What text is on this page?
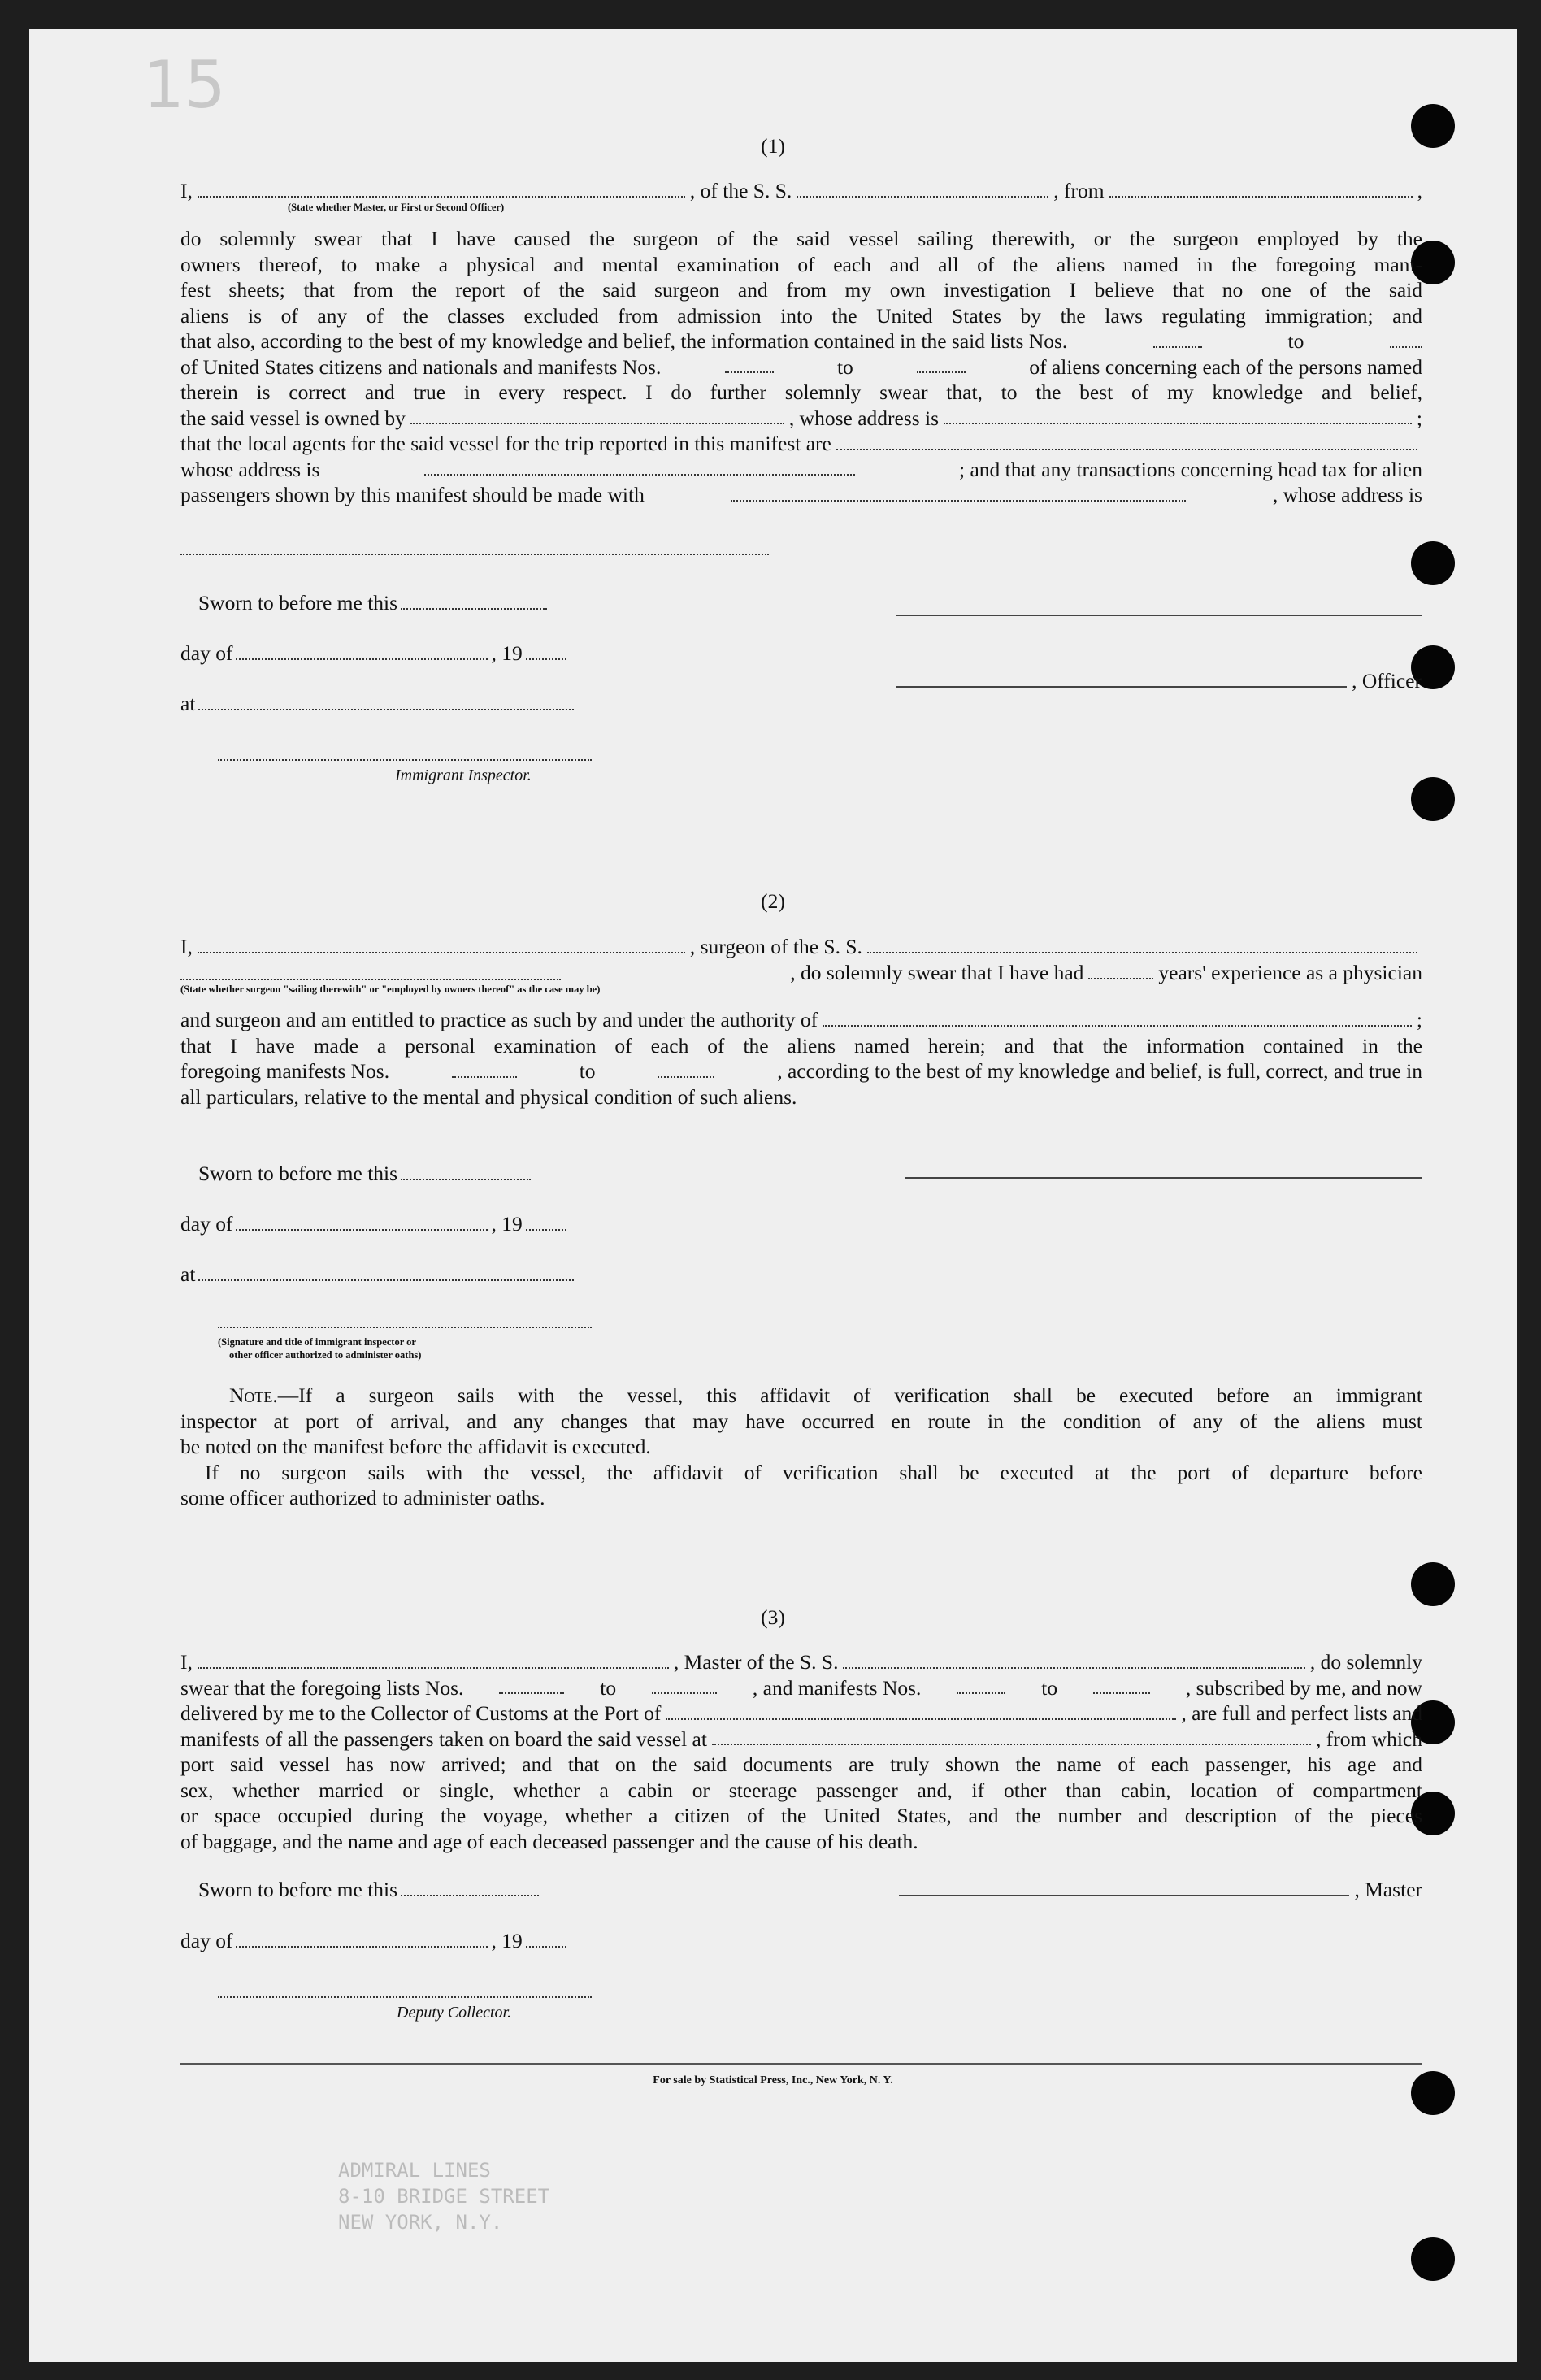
15
(1)
I,	, of the S. S.	, from	,
(State whether Master, or First or Second Officer)
do solemnly swear that I have caused the surgeon of the said vessel sailing therewith, or the surgeon employed by the
owners thereof, to make a physical and mental examination of each and all of the aliens named in the foregoing mani-
fest sheets; that from the report of the said surgeon and from my own investigation I believe that no one of the said
aliens is of any of the classes excluded from admission into the United States by the laws regulating immigration; and
that also, according to the best of my knowledge and belief, the information contained in the said lists Nos.	to
of United States citizens and nationals and manifests Nos.	to	of aliens concerning each of the persons named
therein is correct and true in every respect. I do further solemnly swear that, to the best of my knowledge and belief,
the said vessel is owned by	, whose address is	;
that the local agents for the said vessel for the trip reported in this manifest are
whose address is	; and that any transactions concerning head tax for alien
passengers shown by this manifest should be made with	, whose address is
Sworn to before me this
day of	, 19
, Officer
at
Immigrant Inspector.
(2)
I,	, surgeon of the S. S.
, do solemnly swear that I have had	years' experience as a physician
(State whether surgeon "sailing therewith" or "employed by owners thereof" as the case may be)
and surgeon and am entitled to practice as such by and under the authority of	;
that I have made a personal examination of each of the aliens named herein; and that the information contained in the
foregoing manifests Nos.	to	, according to the best of my knowledge and belief, is full, correct, and true in
all particulars, relative to the mental and physical condition of such aliens.
Sworn to before me this
day of	, 19
at
(Signature and title of immigrant inspector or
other officer authorized to administer oaths)
Note.—If a surgeon sails with the vessel, this affidavit of verification shall be executed before an immigrant
inspector at port of arrival, and any changes that may have occurred en route in the condition of any of the aliens must
be noted on the manifest before the affidavit is executed.
If no surgeon sails with the vessel, the affidavit of verification shall be executed at the port of departure before
some officer authorized to administer oaths.
(3)
I,	, Master of the S. S.	, do solemnly
swear that the foregoing lists Nos.	to	, and manifests Nos.	to	, subscribed by me, and now
delivered by me to the Collector of Customs at the Port of	, are full and perfect lists and
manifests of all the passengers taken on board the said vessel at	, from which
port said vessel has now arrived; and that on the said documents are truly shown the name of each passenger, his age and
sex, whether married or single, whether a cabin or steerage passenger and, if other than cabin, location of compartment
or space occupied during the voyage, whether a citizen of the United States, and the number and description of the pieces
of baggage, and the name and age of each deceased passenger and the cause of his death.
Sworn to before me this	, Master
day of	, 19
Deputy Collector.
For sale by Statistical Press, Inc., New York, N. Y.
ADMIRAL LINES
8-10 BRIDGE STREET
NEW YORK, N.Y.
